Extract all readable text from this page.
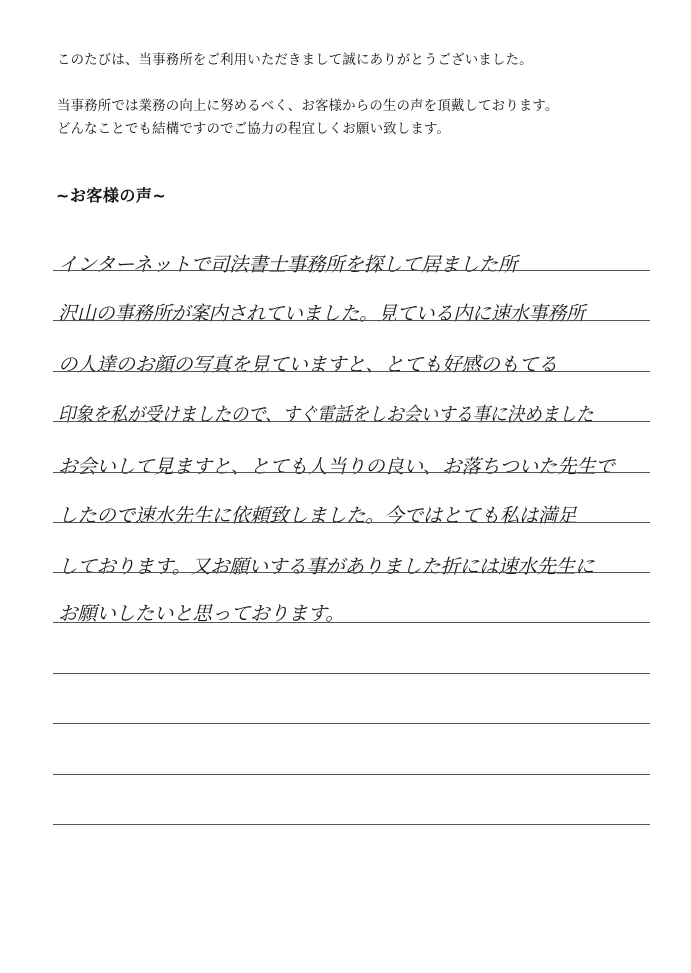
このたびは、当事務所をご利用いただきまして誠にありがとうございました。
当事務所では業務の向上に努めるべく、お客様からの生の声を頂戴しております。
どんなことでも結構ですのでご協力の程宜しくお願い致します。
~お客様の声~
インターネットで司法書士事務所を探して居ました所
沢山の事務所が案内されていました。見ている内に速水事務所
の人達のお顔の写真を見ていますと、とても好感のもてる
印象を私が受けましたので、すぐ電話をしお会いする事に決めました
お会いして見ますと、とても人当りの良い、お落ちついた先生で
したので速水先生に依頼致しました。今ではとても私は満足
しております。又お願いする事がありました折には速水先生に
お願いしたいと思っております。
